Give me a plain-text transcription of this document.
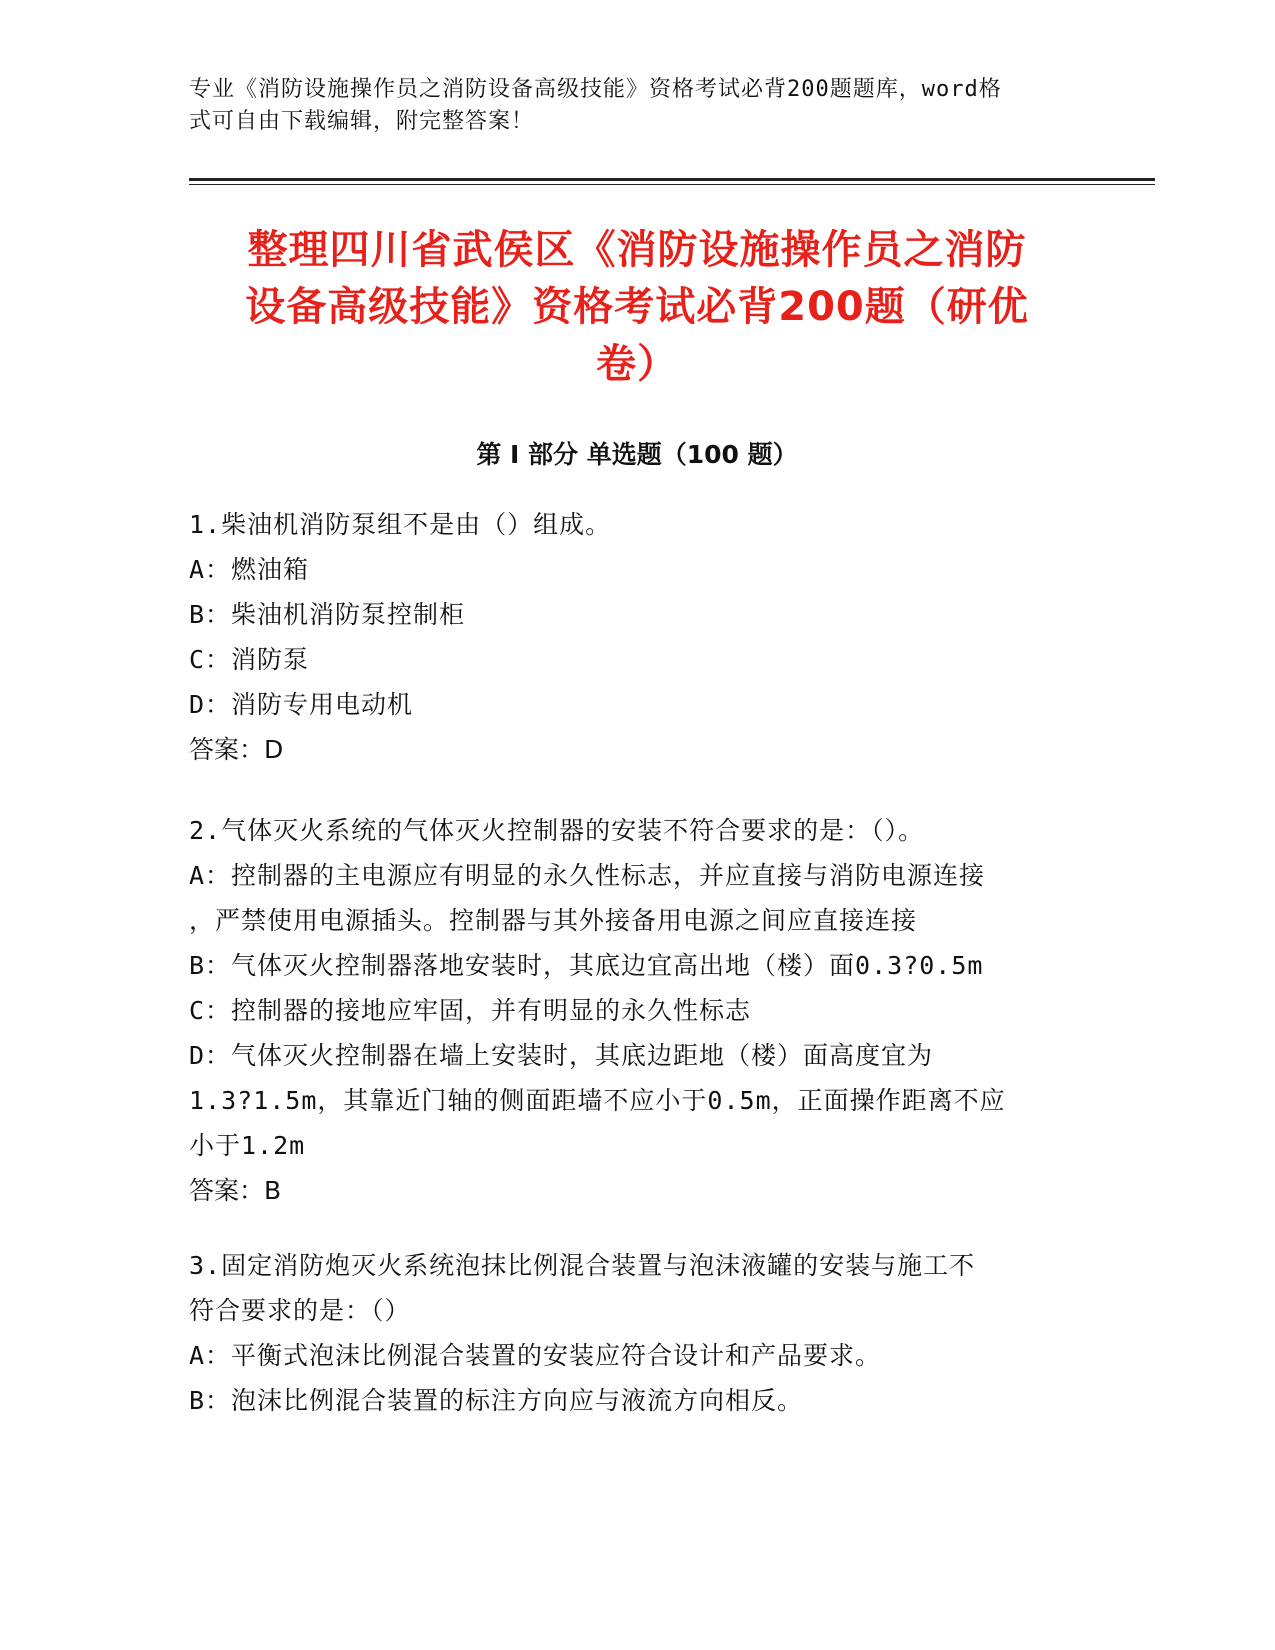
专业《消防设施操作员之消防设备高级技能》资格考试必背200题题库，word格
式可自由下载编辑，附完整答案！
整理四川省武侯区《消防设施操作员之消防
设备高级技能》资格考试必背200题（研优
卷）
第 I 部分 单选题（100 题）
1.柴油机消防泵组不是由（）组成。
A：燃油箱
B：柴油机消防泵控制柜
C：消防泵
D：消防专用电动机
答案：D
2.气体灭火系统的气体灭火控制器的安装不符合要求的是：（）。
A：控制器的主电源应有明显的永久性标志，并应直接与消防电源连接
，严禁使用电源插头。控制器与其外接备用电源之间应直接连接
B：气体灭火控制器落地安装时，其底边宜高出地（楼）面0.3?0.5m
C：控制器的接地应牢固，并有明显的永久性标志
D：气体灭火控制器在墙上安装时，其底边距地（楼）面高度宜为
1.3?1.5m，其靠近门轴的侧面距墙不应小于0.5m，正面操作距离不应
小于1.2m
答案：B
3.固定消防炮灭火系统泡抹比例混合装置与泡沫液罐的安装与施工不
符合要求的是：（）
A：平衡式泡沫比例混合装置的安装应符合设计和产品要求。
B：泡沫比例混合装置的标注方向应与液流方向相反。
